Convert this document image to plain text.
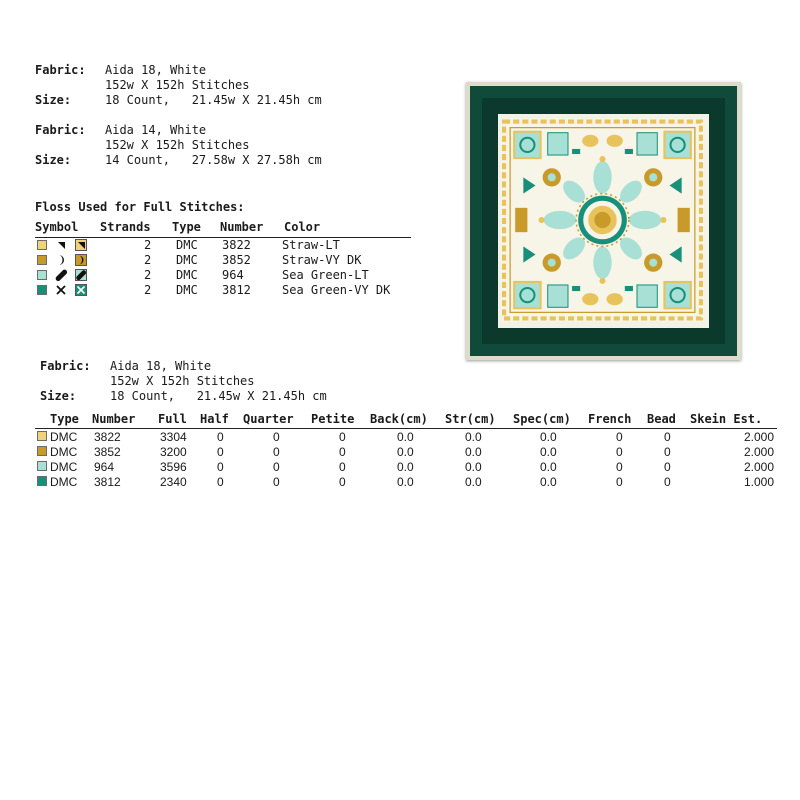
Fabric: Aida 18, White
152w X 152h Stitches
Size:	18 Count,   21.45w X 21.45h cm
Fabric: Aida 14, White
152w X 152h Stitches
Size:	14 Count,   27.58w X 27.58h cm
Floss Used for Full Stitches:
Symbol Strands Type Number Color
2 DMC 3822	Straw-LT
2 DMC 3852	Straw-VY DK
2 DMC 964	Sea Green-LT
2 DMC 3812	Sea Green-VY DK
Fabric: Aida 18, White
152w X 152h Stitches
Size:	18 Count,   21.45w X 21.45h cm
Type Number Full Half Quarter Petite Back(cm) Str(cm) Spec(cm) French Bead Skein Est.
DMC 3822	3304	0	0	0	0.0	0.0	0.0	0	0	2.000
DMC 3852	3200	0	0	0	0.0	0.0	0.0	0	0	2.000
DMC 964	3596	0	0	0	0.0	0.0	0.0	0	0	2.000
DMC 3812	2340	0	0	0	0.0	0.0	0.0	0	0	1.000
